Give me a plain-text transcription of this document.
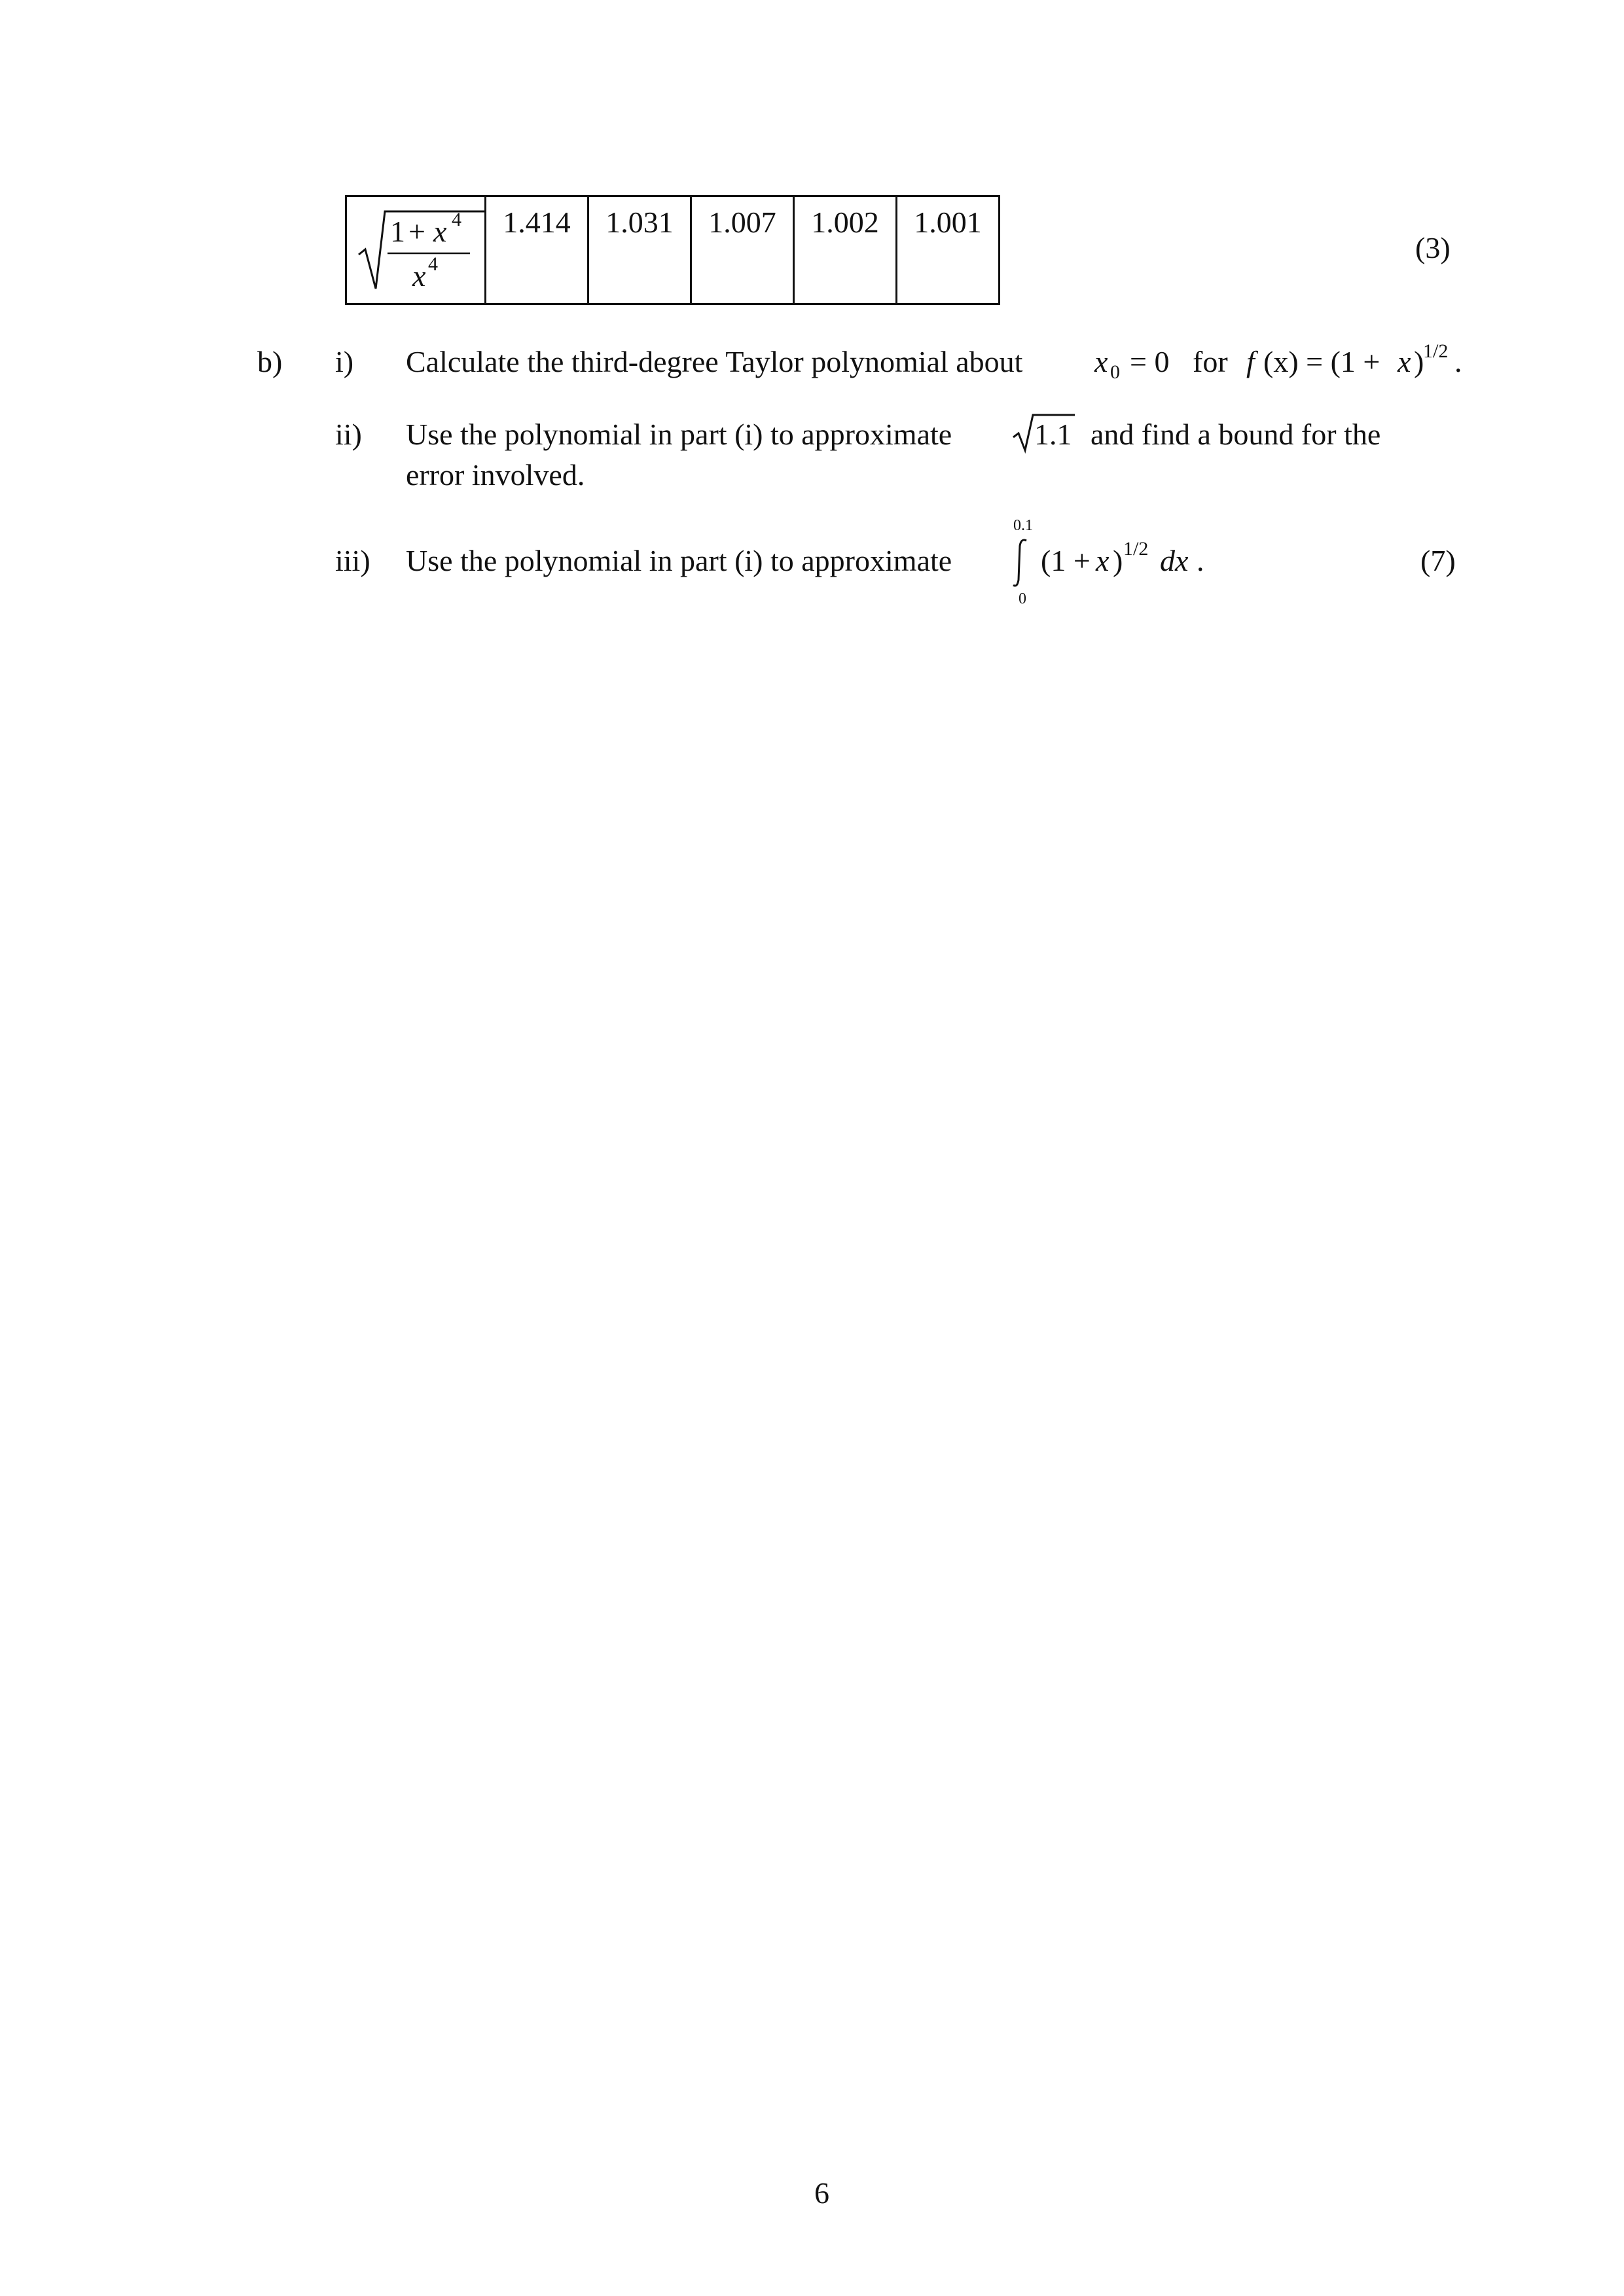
1 + x 4
x 4
	1.414	1.031	1.007	1.002	1.001
(3)
b) i) Calculate the third-degree Taylor polynomial about x 0 = 0 for f (x) = (1 + x )
1/2 .
ii) Use the polynomial in part (i) to approximate	1.1 and find a bound for the
error involved.
iii) Use the polynomial in part (i) to approximate
0.1
0
(1 + x ) 1/2 dx .	(7)
6
